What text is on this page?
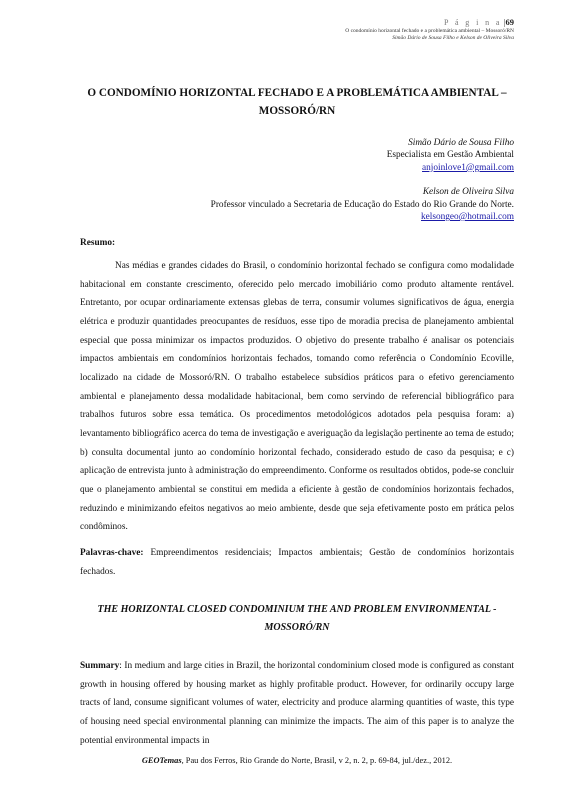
P á g i n a |69
O condomínio horizontal fechado e a problemática ambiental – Mossoró/RN
Simão Dário de Sousa Filho e Kelson de Oliveira Silva
O CONDOMÍNIO HORIZONTAL FECHADO E A PROBLEMÁTICA AMBIENTAL – MOSSORÓ/RN
Simão Dário de Sousa Filho
Especialista em Gestão Ambiental
anjoinlove1@gmail.com
Kelson de Oliveira Silva
Professor vinculado a Secretaria de Educação do Estado do Rio Grande do Norte.
kelsongeo@hotmail.com
Resumo:

Nas médias e grandes cidades do Brasil, o condomínio horizontal fechado se configura como modalidade habitacional em constante crescimento, oferecido pelo mercado imobiliário como produto altamente rentável. Entretanto, por ocupar ordinariamente extensas glebas de terra, consumir volumes significativos de água, energia elétrica e produzir quantidades preocupantes de resíduos, esse tipo de moradia precisa de planejamento ambiental especial que possa minimizar os impactos produzidos. O objetivo do presente trabalho é analisar os potenciais impactos ambientais em condomínios horizontais fechados, tomando como referência o Condomínio Ecoville, localizado na cidade de Mossoró/RN. O trabalho estabelece subsídios práticos para o efetivo gerenciamento ambiental e planejamento dessa modalidade habitacional, bem como servindo de referencial bibliográfico para trabalhos futuros sobre essa temática. Os procedimentos metodológicos adotados pela pesquisa foram: a) levantamento bibliográfico acerca do tema de investigação e averiguação da legislação pertinente ao tema de estudo; b) consulta documental junto ao condomínio horizontal fechado, considerado estudo de caso da pesquisa; e c) aplicação de entrevista junto à administração do empreendimento. Conforme os resultados obtidos, pode-se concluir que o planejamento ambiental se constitui em medida a eficiente à gestão de condomínios horizontais fechados, reduzindo e minimizando efeitos negativos ao meio ambiente, desde que seja efetivamente posto em prática pelos condôminos.

Palavras-chave: Empreendimentos residenciais; Impactos ambientais; Gestão de condomínios horizontais fechados.

THE HORIZONTAL CLOSED CONDOMINIUM THE AND PROBLEM ENVIRONMENTAL - MOSSORÓ/RN

Summary: In medium and large cities in Brazil, the horizontal condominium closed mode is configured as constant growth in housing offered by housing market as highly profitable product. However, for ordinarily occupy large tracts of land, consume significant volumes of water, electricity and produce alarming quantities of waste, this type of housing need special environmental planning can minimize the impacts. The aim of this paper is to analyze the potential environmental impacts in

GEOTemas, Pau dos Ferros, Rio Grande do Norte, Brasil, v 2, n. 2, p. 69-84, jul./dez., 2012.
